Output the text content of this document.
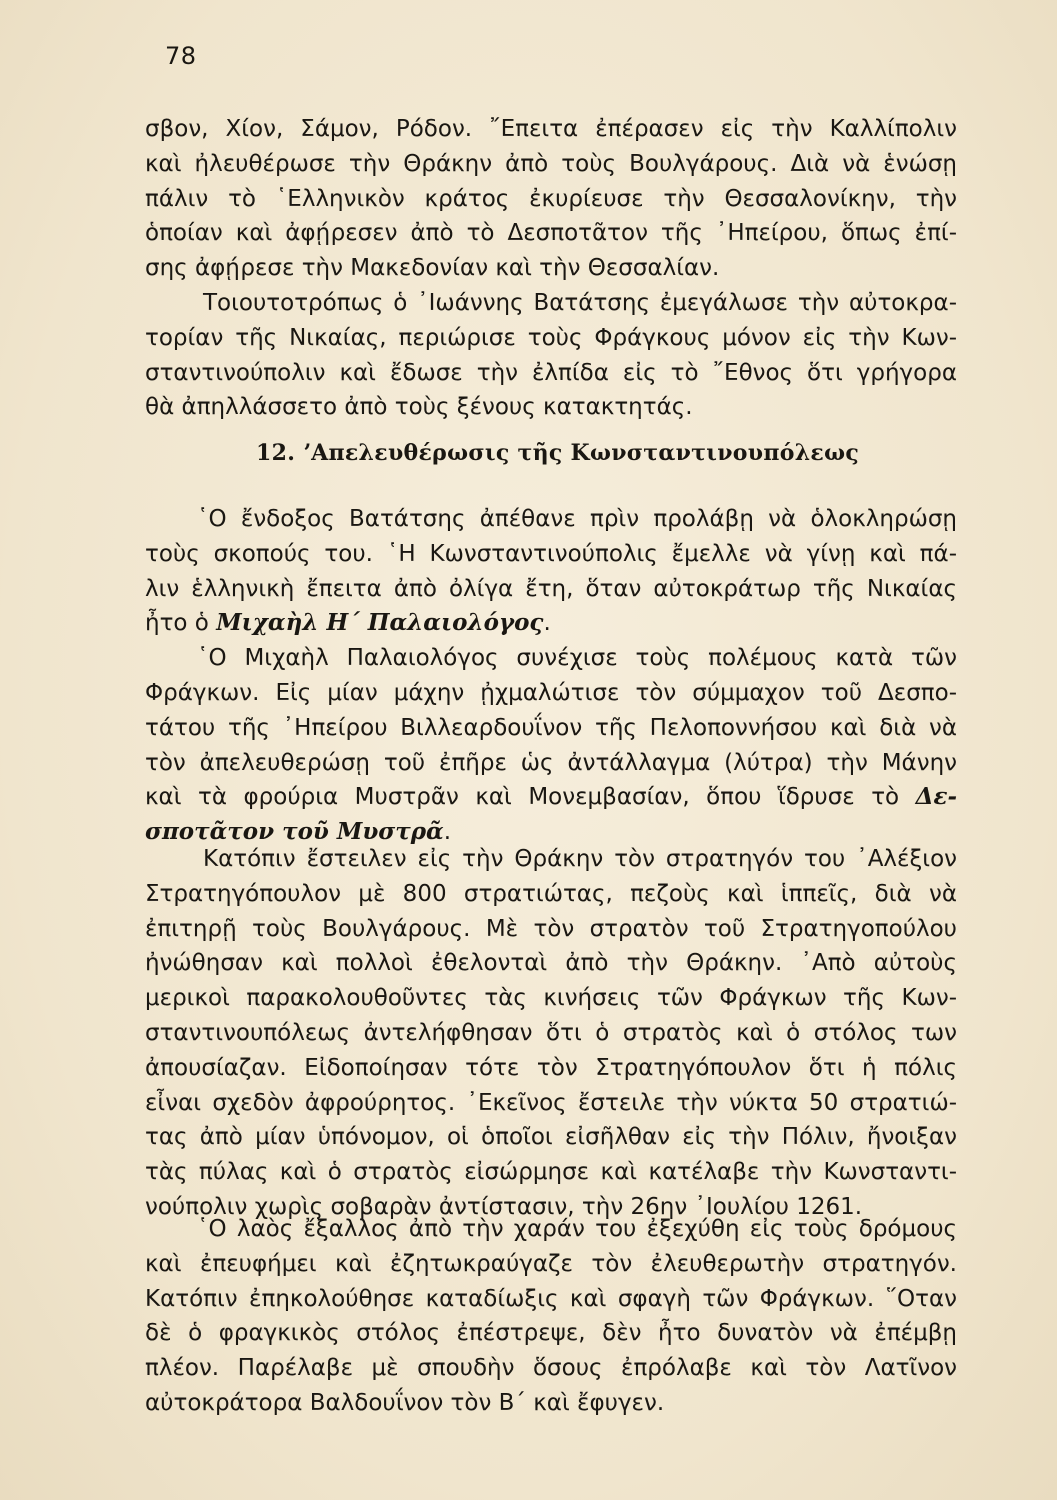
78
σβον, Χίον, Σάμον, Ρόδον. ῎Επειτα ἐπέρασεν εἰς τὴν Καλλίπολιν
καὶ ἠλευθέρωσε τὴν Θράκην ἀπὸ τοὺς Βουλγάρους. Διὰ νὰ ἑνώσῃ
πάλιν τὸ ῾Ελληνικὸν κράτος ἐκυρίευσε τὴν Θεσσαλονίκην, τὴν
ὁποίαν καὶ ἀφῄρεσεν ἀπὸ τὸ Δεσποτᾶτον τῆς ᾿Ηπείρου, ὅπως ἐπί-
σης ἀφῄρεσε τὴν Μακεδονίαν καὶ τὴν Θεσσαλίαν.
Τοιουτοτρόπως ὁ ᾿Ιωάννης Βατάτσης ἐμεγάλωσε τὴν αὐτοκρα-
τορίαν τῆς Νικαίας, περιώρισε τοὺς Φράγκους μόνον εἰς τὴν Κων-
σταντινούπολιν καὶ ἔδωσε τὴν ἐλπίδα εἰς τὸ ῎Εθνος ὅτι γρήγορα
θὰ ἀπηλλάσσετο ἀπὸ τοὺς ξένους κατακτητάς.
12. ʼΑπελευθέρωσις τῆς Κωνσταντινουπόλεως
῾Ο ἔνδοξος Βατάτσης ἀπέθανε πρὶν προλάβῃ νὰ ὁλοκληρώσῃ
τοὺς σκοπούς του. ῾Η Κωνσταντινούπολις ἔμελλε νὰ γίνῃ καὶ πά-
λιν ἑλληνικὴ ἔπειτα ἀπὸ ὀλίγα ἔτη, ὅταν αὐτοκράτωρ τῆς Νικαίας
ἦτο ὁ Μιχαὴλ Η΄ Παλαιολόγος.
῾Ο Μιχαὴλ Παλαιολόγος συνέχισε τοὺς πολέμους κατὰ τῶν
Φράγκων. Εἰς μίαν μάχην ᾐχμαλώτισε τὸν σύμμαχον τοῦ Δεσπο-
τάτου τῆς ᾿Ηπείρου Βιλλεαρδουΐνον τῆς Πελοποννήσου καὶ διὰ νὰ
τὸν ἀπελευθερώσῃ τοῦ ἐπῆρε ὡς ἀντάλλαγμα (λύτρα) τὴν Μάνην
καὶ τὰ φρούρια Μυστρᾶν καὶ Μονεμβασίαν, ὅπου ἵδρυσε τὸ Δε-
σποτᾶτον τοῦ Μυστρᾶ.
Κατόπιν ἔστειλεν εἰς τὴν Θράκην τὸν στρατηγόν του ᾿Αλέξιον
Στρατηγόπουλον μὲ 800 στρατιώτας, πεζοὺς καὶ ἱππεῖς, διὰ νὰ
ἐπιτηρῇ τοὺς Βουλγάρους. Μὲ τὸν στρατὸν τοῦ Στρατηγοπούλου
ἠνώθησαν καὶ πολλοὶ ἐθελονταὶ ἀπὸ τὴν Θράκην. ᾿Απὸ αὐτοὺς
μερικοὶ παρακολουθοῦντες τὰς κινήσεις τῶν Φράγκων τῆς Κων-
σταντινουπόλεως ἀντελήφθησαν ὅτι ὁ στρατὸς καὶ ὁ στόλος των
ἀπουσίαζαν. Εἰδοποίησαν τότε τὸν Στρατηγόπουλον ὅτι ἡ πόλις
εἶναι σχεδὸν ἀφρούρητος. ᾿Εκεῖνος ἔστειλε τὴν νύκτα 50 στρατιώ-
τας ἀπὸ μίαν ὑπόνομον, οἱ ὁποῖοι εἰσῆλθαν εἰς τὴν Πόλιν, ἤνοιξαν
τὰς πύλας καὶ ὁ στρατὸς εἰσώρμησε καὶ κατέλαβε τὴν Κωνσταντι-
νούπολιν χωρὶς σοβαρὰν ἀντίστασιν, τὴν 26ην ᾿Ιουλίου 1261.
῾Ο λαὸς ἔξαλλος ἀπὸ τὴν χαράν του ἐξεχύθη εἰς τοὺς δρόμους
καὶ ἐπευφήμει καὶ ἐζητωκραύγαζε τὸν ἐλευθερωτὴν στρατηγόν.
Κατόπιν ἐπηκολούθησε καταδίωξις καὶ σφαγὴ τῶν Φράγκων. ῞Οταν
δὲ ὁ φραγκικὸς στόλος ἐπέστρεψε, δὲν ἦτο δυνατὸν νὰ ἐπέμβῃ
πλέον. Παρέλαβε μὲ σπουδὴν ὅσους ἐπρόλαβε καὶ τὸν Λατῖνον
αὐτοκράτορα Βαλδουΐνον τὸν Β΄ καὶ ἔφυγεν.
